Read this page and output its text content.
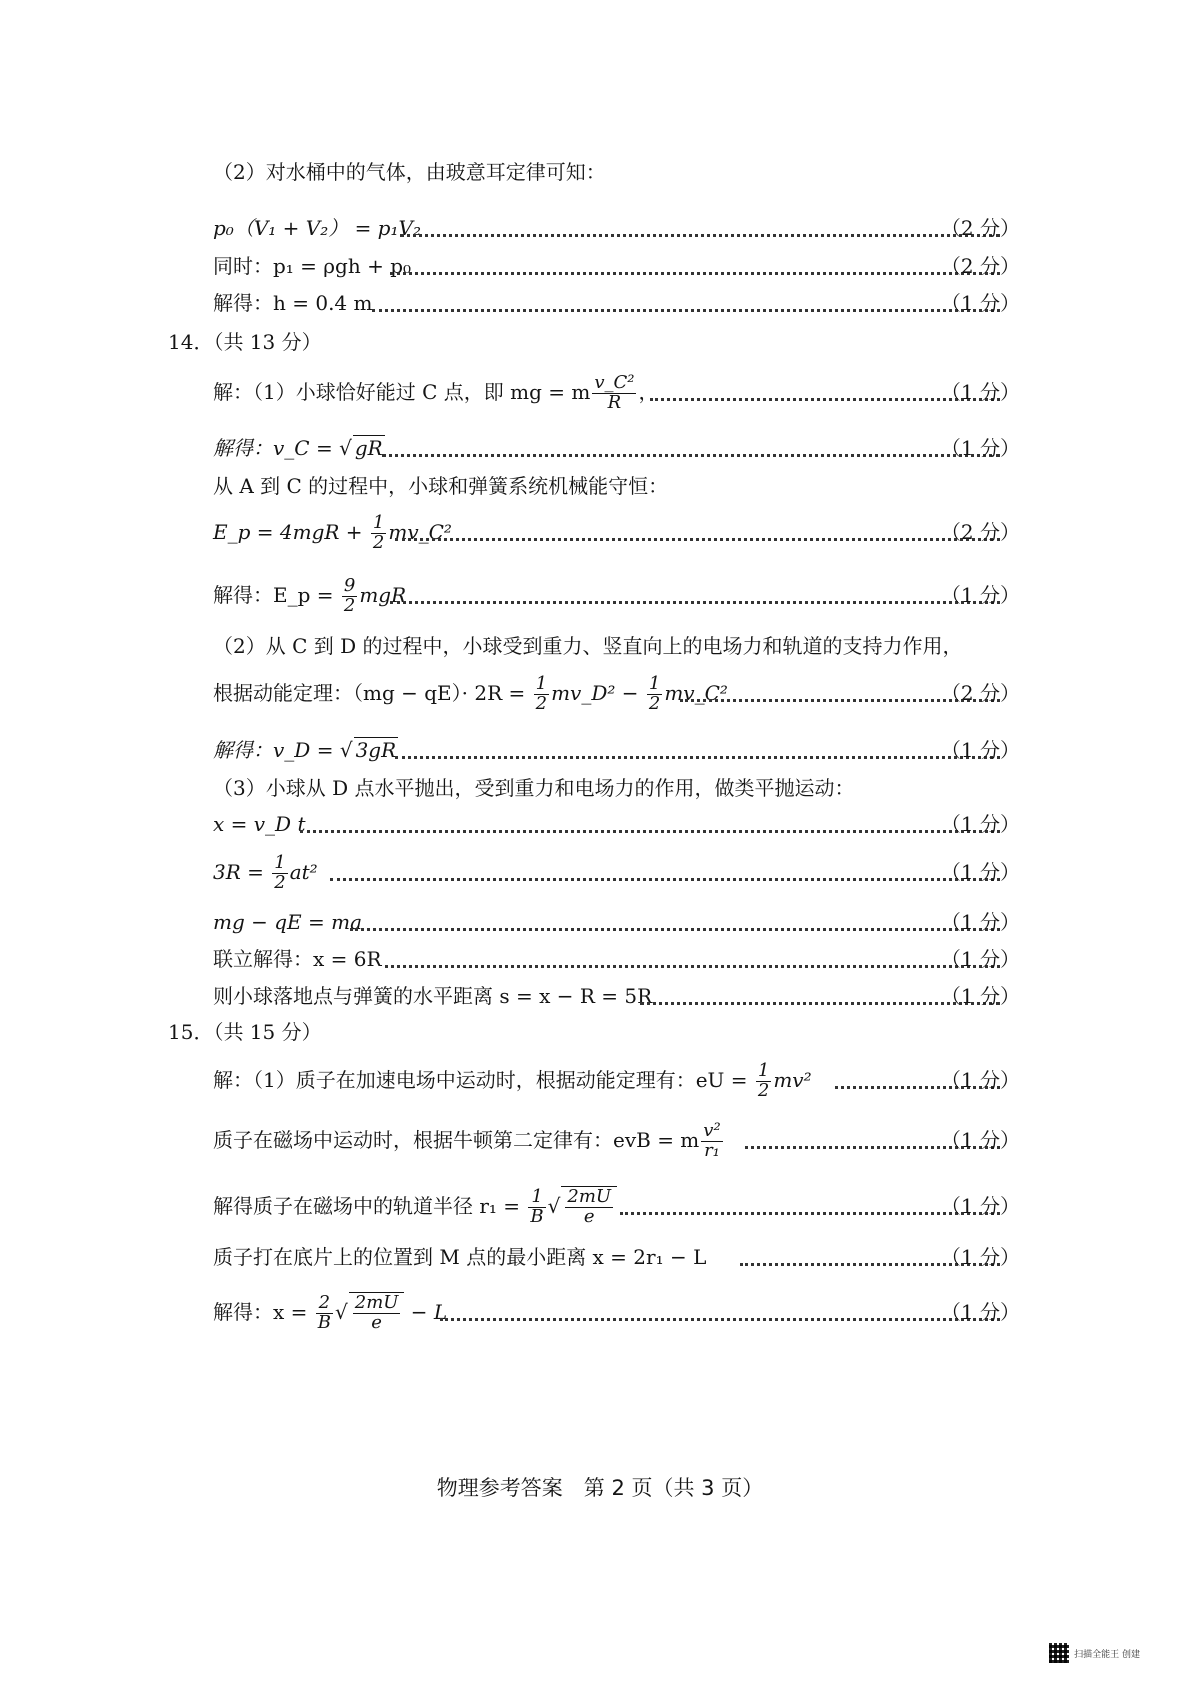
（2）对水桶中的气体，由玻意耳定律可知：
p₀（V₁ + V₂） = p₁V₂	（2 分）
同时：p₁ = ρgh + p₀	（2 分）
解得：h = 0.4 m	（1 分）
14．（共 13 分）
解：（1）小球恰好能过 C 点，即 mg = m $\frac{\text{v\_C²}}{R}$ ，	（1 分）
解得：v_C = √ gR	（1 分）
从 A 到 C 的过程中，小球和弹簧系统机械能守恒：
E_p = $4mgR + \frac{1}{2}$ mv_C²	（2 分）
解得：E_p = $\frac{9}{2}$ mgR	（1 分）
（2）从 C 到 D 的过程中，小球受到重力、竖直向上的电场力和轨道的支持力作用，
根据动能定理：$(mg - qE)\cdot 2R = \frac{1}{2}$ mv_D² − $\frac{1}{2}$ mv_C²	（2 分）
解得：v_D = √ 3gR	（1 分）
（3）小球从 D 点水平抛出，受到重力和电场力的作用，做类平抛运动：
x = v_D t	（1 分）
$3R = \frac{1}{2} at^2$	（1 分）
mg − qE = ma	（1 分）
联立解得：x = 6R	（1 分）
则小球落地点与弹簧的水平距离 s = x − R = 5R	（1 分）
15．（共 15 分）
解：（1）质子在加速电场中运动时，根据动能定理有：eU = $\frac{1}{2} mv^2$	（1 分）
质子在磁场中运动时，根据牛顿第二定律有：evB = m $\frac{\text{v²}}{\text{r₁}}$	（1 分）
解得质子在磁场中的轨道半径 $r_1 = \frac{1}{B}$ √ $\frac{2mU}{e}$	（1 分）
质子打在底片上的位置到 M 点的最小距离 x = 2r₁ − L	（1 分）
解得：$x = \frac{2}{B}$ √ $\frac{2mU}{e} - L$	（1 分）
物理参考答案　第 2 页（共 3 页）
扫描全能王 创建
